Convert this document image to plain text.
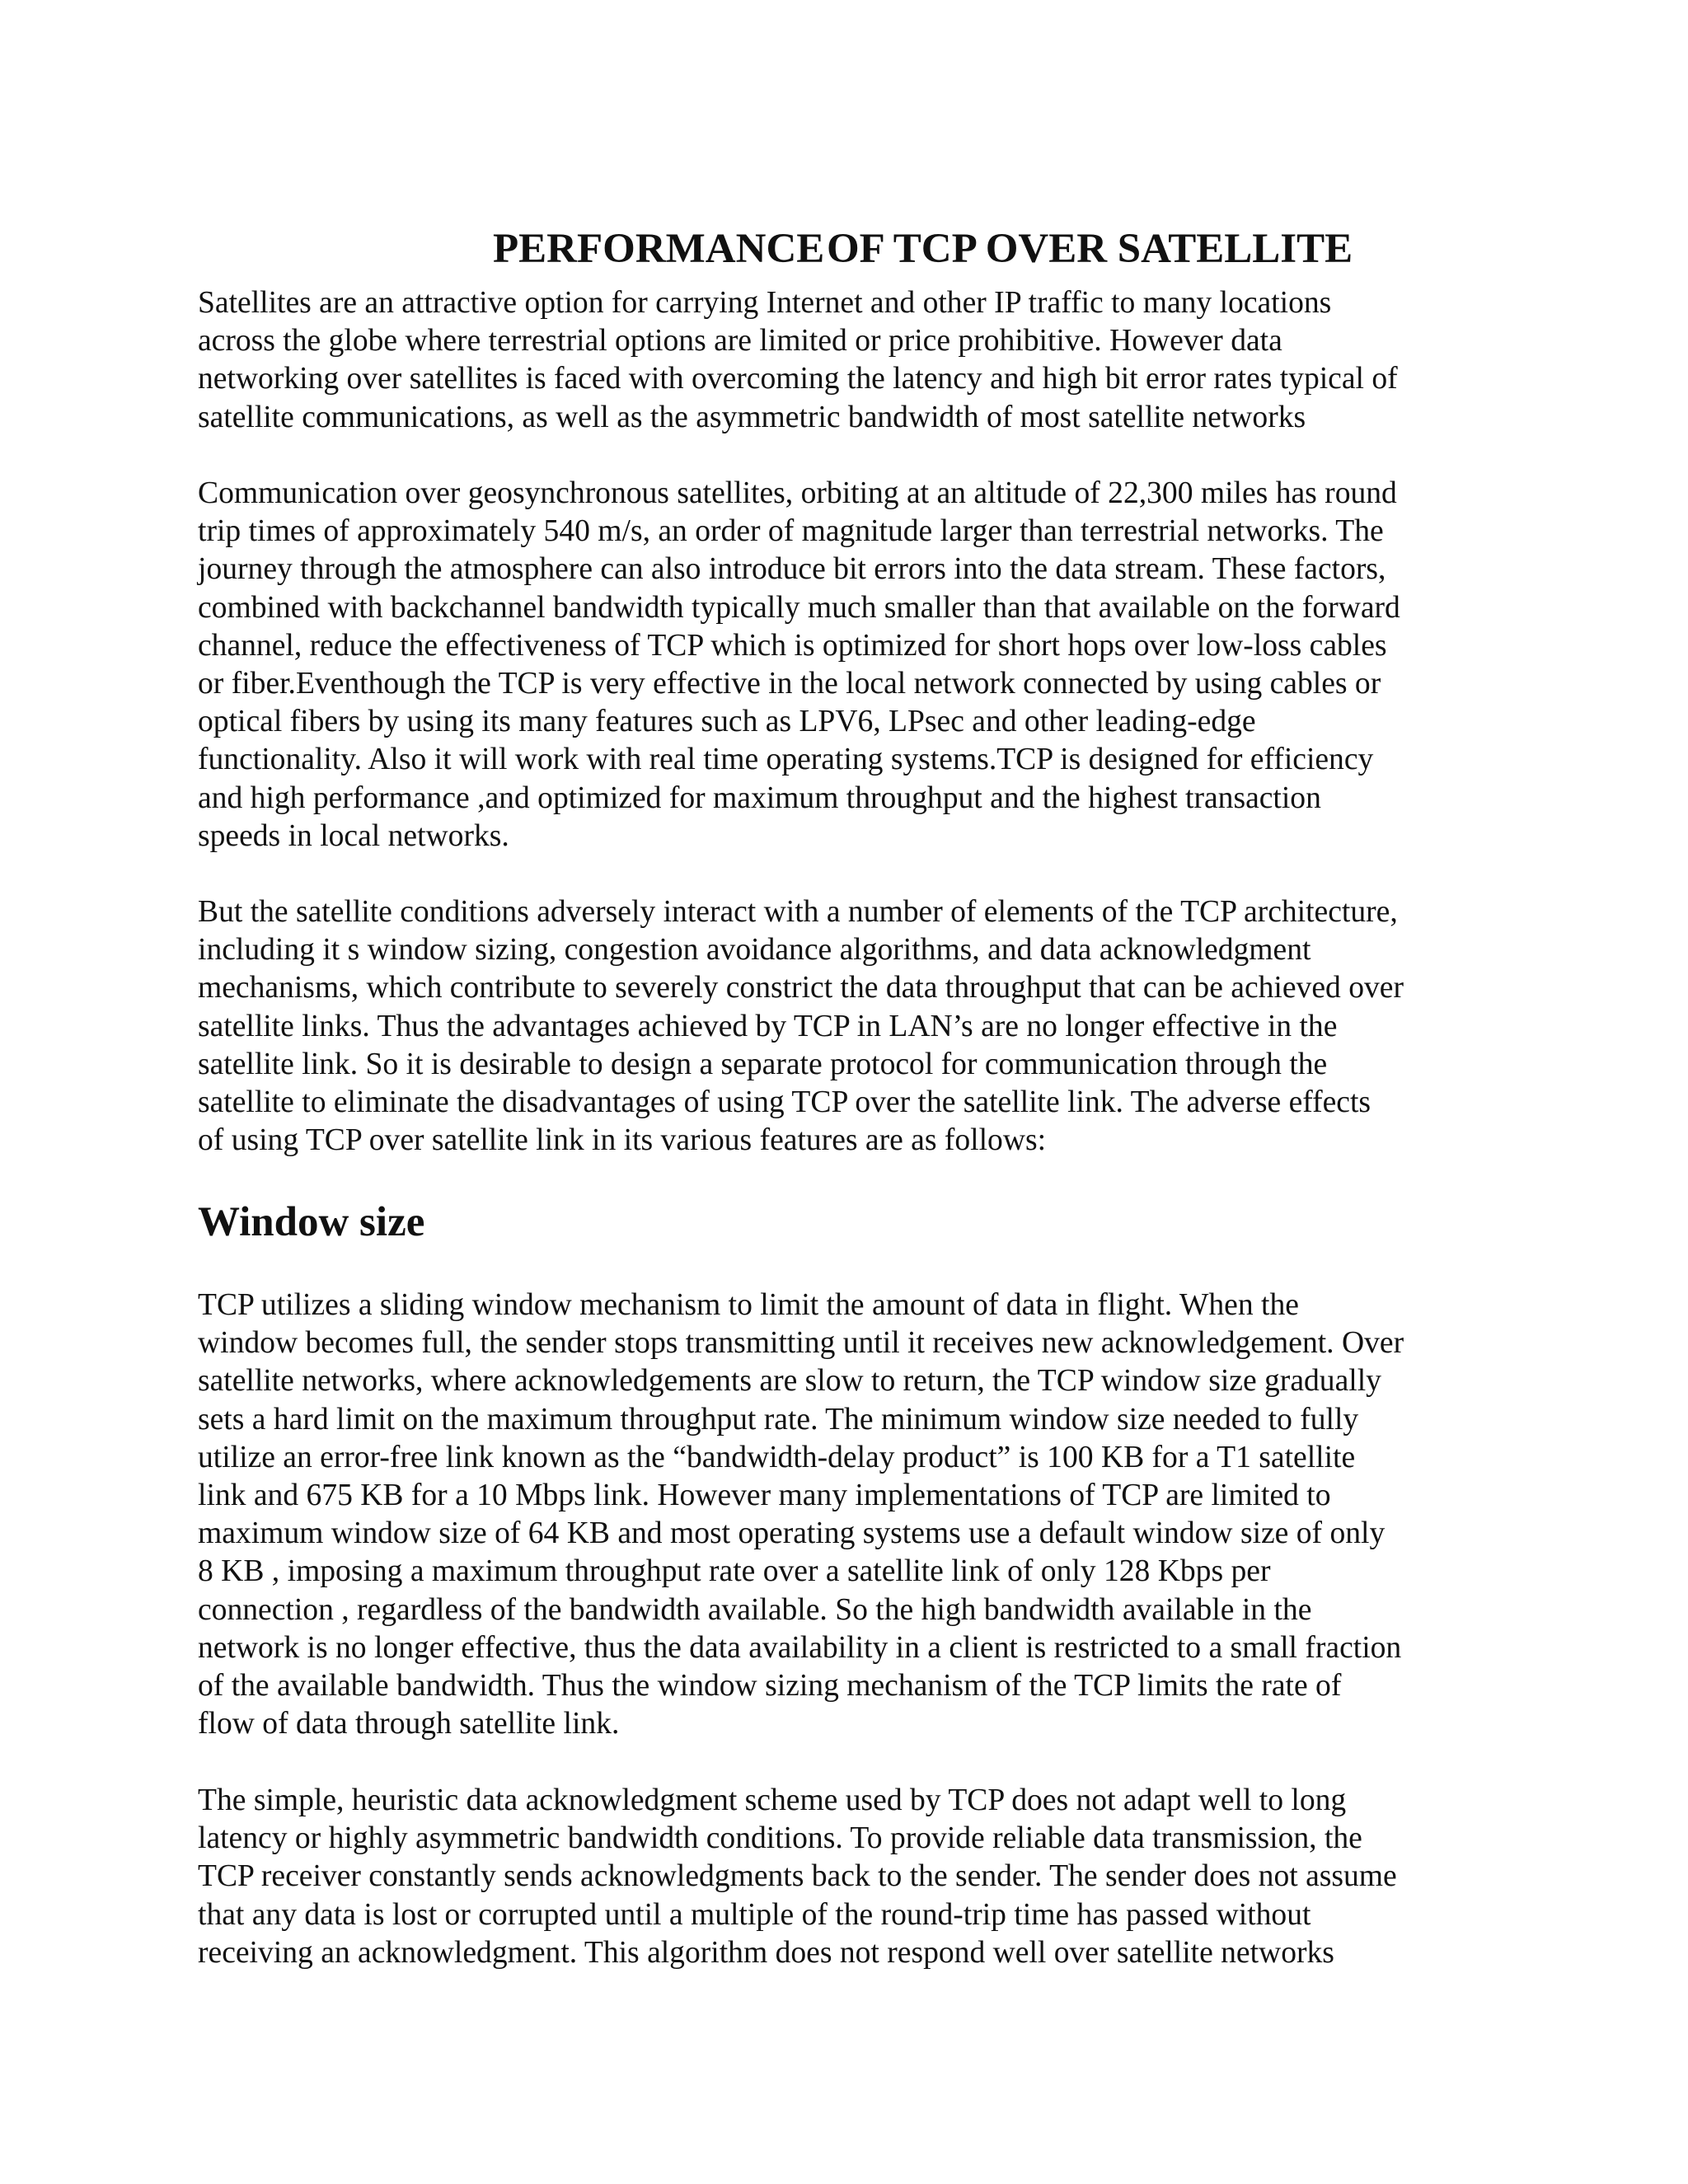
PERFORMANCE OF TCP OVER SATELLITE

Satellites are an attractive option for carrying Internet and other IP traffic to many locations
across the globe where terrestrial options are limited or price prohibitive. However data
networking over satellites is faced with overcoming the latency and high bit error rates typical of
satellite communications, as well as the asymmetric bandwidth of most satellite networks

Communication over geosynchronous satellites, orbiting at an altitude of 22,300 miles has round
trip times of approximately 540 m/s, an order of magnitude larger than terrestrial networks. The
journey through the atmosphere can also introduce bit errors into the data stream. These factors,
combined with backchannel bandwidth typically much smaller than that available on the forward
channel, reduce the effectiveness of TCP which is optimized for short hops over low-loss cables
or fiber.Eventhough the TCP is very effective in the local network connected by using cables or
optical fibers by using its many features such as LPV6, LPsec and other leading-edge
functionality. Also it will work with real time operating systems.TCP is designed for efficiency
and high performance ,and optimized for maximum throughput and the highest transaction
speeds in local networks.

But the satellite conditions adversely interact with a number of elements of the TCP architecture,
including it s window sizing, congestion avoidance algorithms, and data acknowledgment
mechanisms, which contribute to severely constrict the data throughput that can be achieved over
satellite links. Thus the advantages achieved by TCP in LAN’s are no longer effective in the
satellite link. So it is desirable to design a separate protocol for communication through the
satellite to eliminate the disadvantages of using TCP over the satellite link. The adverse effects
of using TCP over satellite link in its various features are as follows:

Window size

TCP utilizes a sliding window mechanism to limit the amount of data in flight. When the
window becomes full, the sender stops transmitting until it receives new acknowledgement. Over
satellite networks, where acknowledgements are slow to return, the TCP window size gradually
sets a hard limit on the maximum throughput rate. The minimum window size needed to fully
utilize an error-free link known as the “bandwidth-delay product” is 100 KB for a T1 satellite
link and 675 KB for a 10 Mbps link. However many implementations of TCP are limited to
maximum window size of 64 KB and most operating systems use a default window size of only
8 KB , imposing a maximum throughput rate over a satellite link of only 128 Kbps per
connection , regardless of the bandwidth available. So the high bandwidth available in the
network is no longer effective, thus the data availability in a client is restricted to a small fraction
of the available bandwidth. Thus the window sizing mechanism of the TCP limits the rate of
flow of data through satellite link.

The simple, heuristic data acknowledgment scheme used by TCP does not adapt well to long
latency or highly asymmetric bandwidth conditions. To provide reliable data transmission, the
TCP receiver constantly sends acknowledgments back to the sender. The sender does not assume
that any data is lost or corrupted until a multiple of the round-trip time has passed without
receiving an acknowledgment. This algorithm does not respond well over satellite networks
